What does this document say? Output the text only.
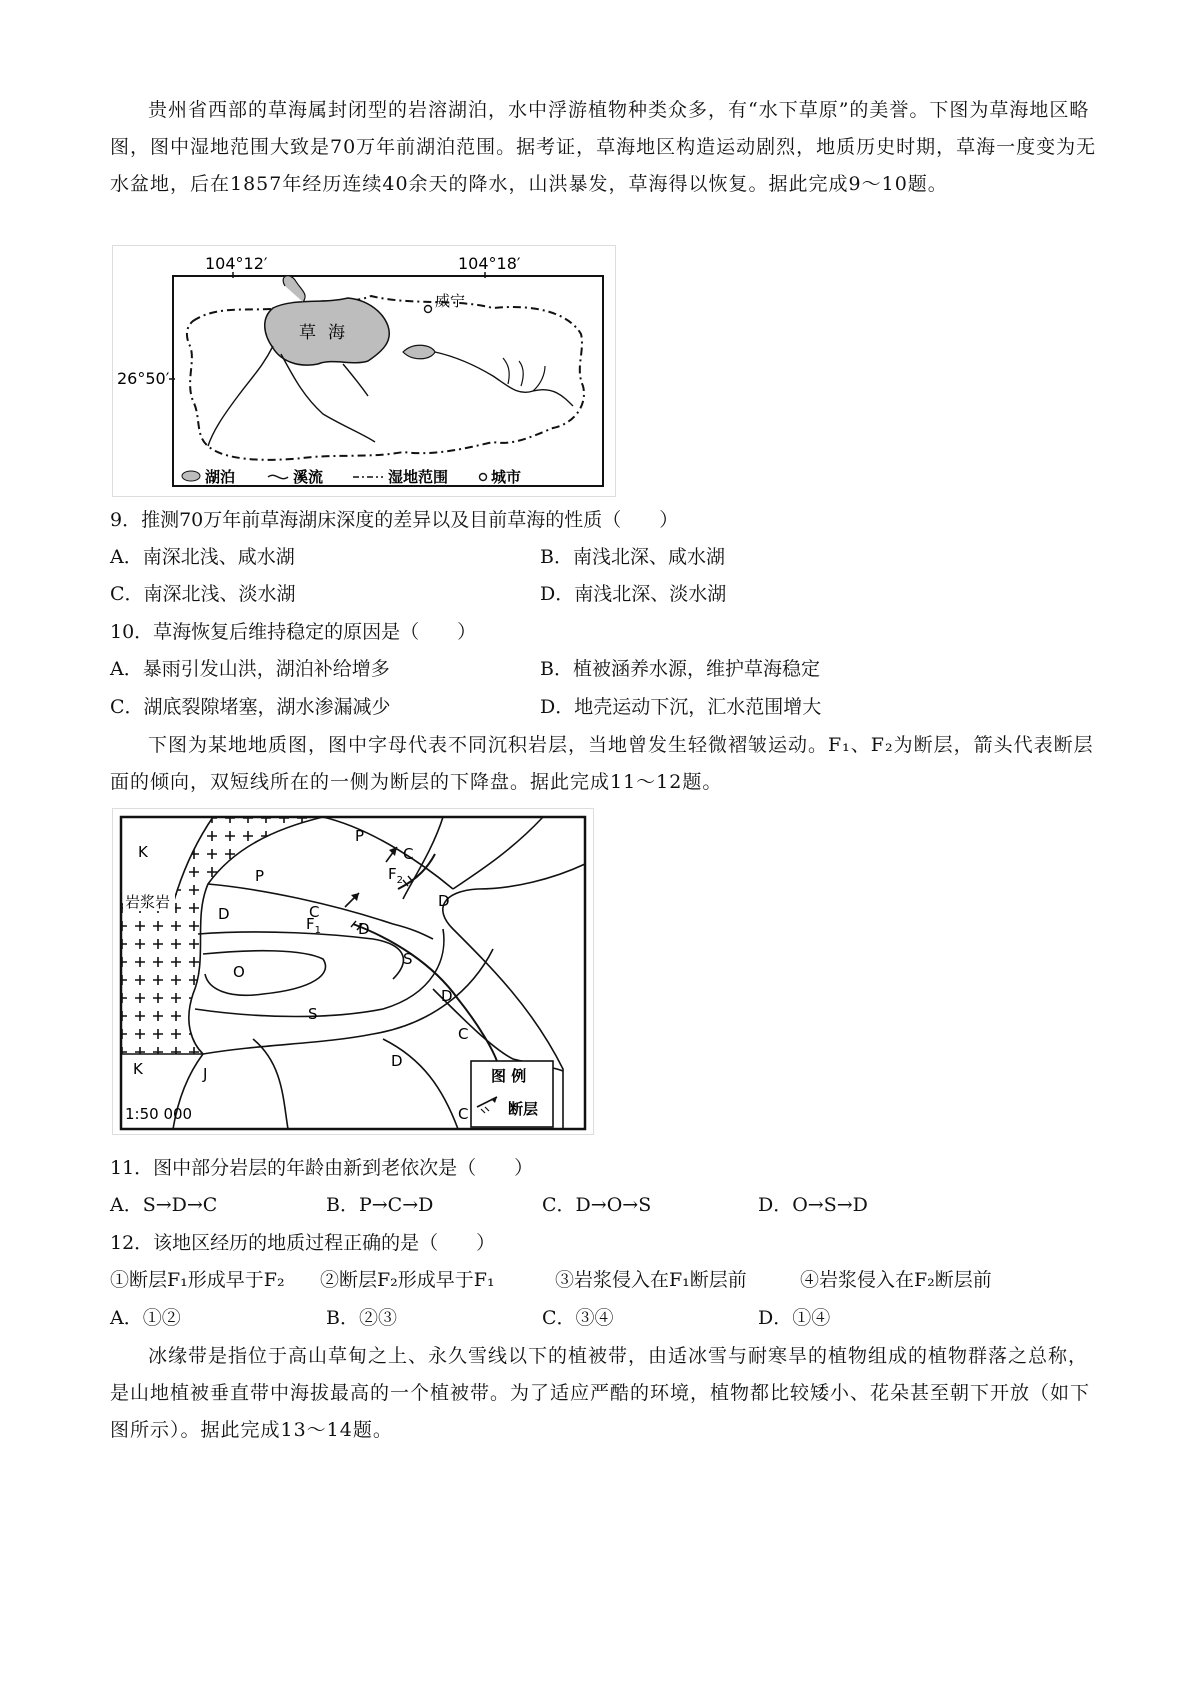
贵州省西部的草海属封闭型的岩溶湖泊，水中浮游植物种类众多，有“水下草原”的美誉。下图为草海地区略图，图中湿地范围大致是70万年前湖泊范围。据考证，草海地区构造运动剧烈，地质历史时期，草海一度变为无水盆地，后在1857年经历连续40余天的降水，山洪暴发，草海得以恢复。据此完成9～10题。
104°12′	104°18′
26°50′
草 海
威宁
湖泊	溪流	湿地范围	城市
9．推测70万年前草海湖床深度的差异以及目前草海的性质（　　）
A．南深北浅、咸水湖	B．南浅北深、咸水湖
C．南深北浅、淡水湖	D．南浅北深、淡水湖
10．草海恢复后维持稳定的原因是（　　）
A．暴雨引发山洪，湖泊补给增多	B．植被涵养水源，维护草海稳定
C．湖底裂隙堵塞，湖水渗漏减少	D．地壳运动下沉，汇水范围增大
下图为某地地质图，图中字母代表不同沉积岩层，当地曾发生轻微褶皱运动。F₁、F₂为断层，箭头代表断层面的倾向，双短线所在的一侧为断层的下降盘。据此完成11～12题。
图 例
断层
K
K
P
P
C
C
C
C
D
D
D
D
D
S
S
O
J
$F_1$
$F_2$
1:50 000
岩浆岩
11．图中部分岩层的年龄由新到老依次是（　　）
A．S→D→C	B．P→C→D	C．D→O→S	D．O→S→D
12．该地区经历的地质过程正确的是（　　）
①断层F₁形成早于F₂ ②断层F₂形成早于F₁	③岩浆侵入在F₁断层前	④岩浆侵入在F₂断层前
A．①②	B．②③	C．③④	D．①④
冰缘带是指位于高山草甸之上、永久雪线以下的植被带，由适冰雪与耐寒旱的植物组成的植物群落之总称，是山地植被垂直带中海拔最高的一个植被带。为了适应严酷的环境，植物都比较矮小、花朵甚至朝下开放（如下图所示）。据此完成13～14题。
